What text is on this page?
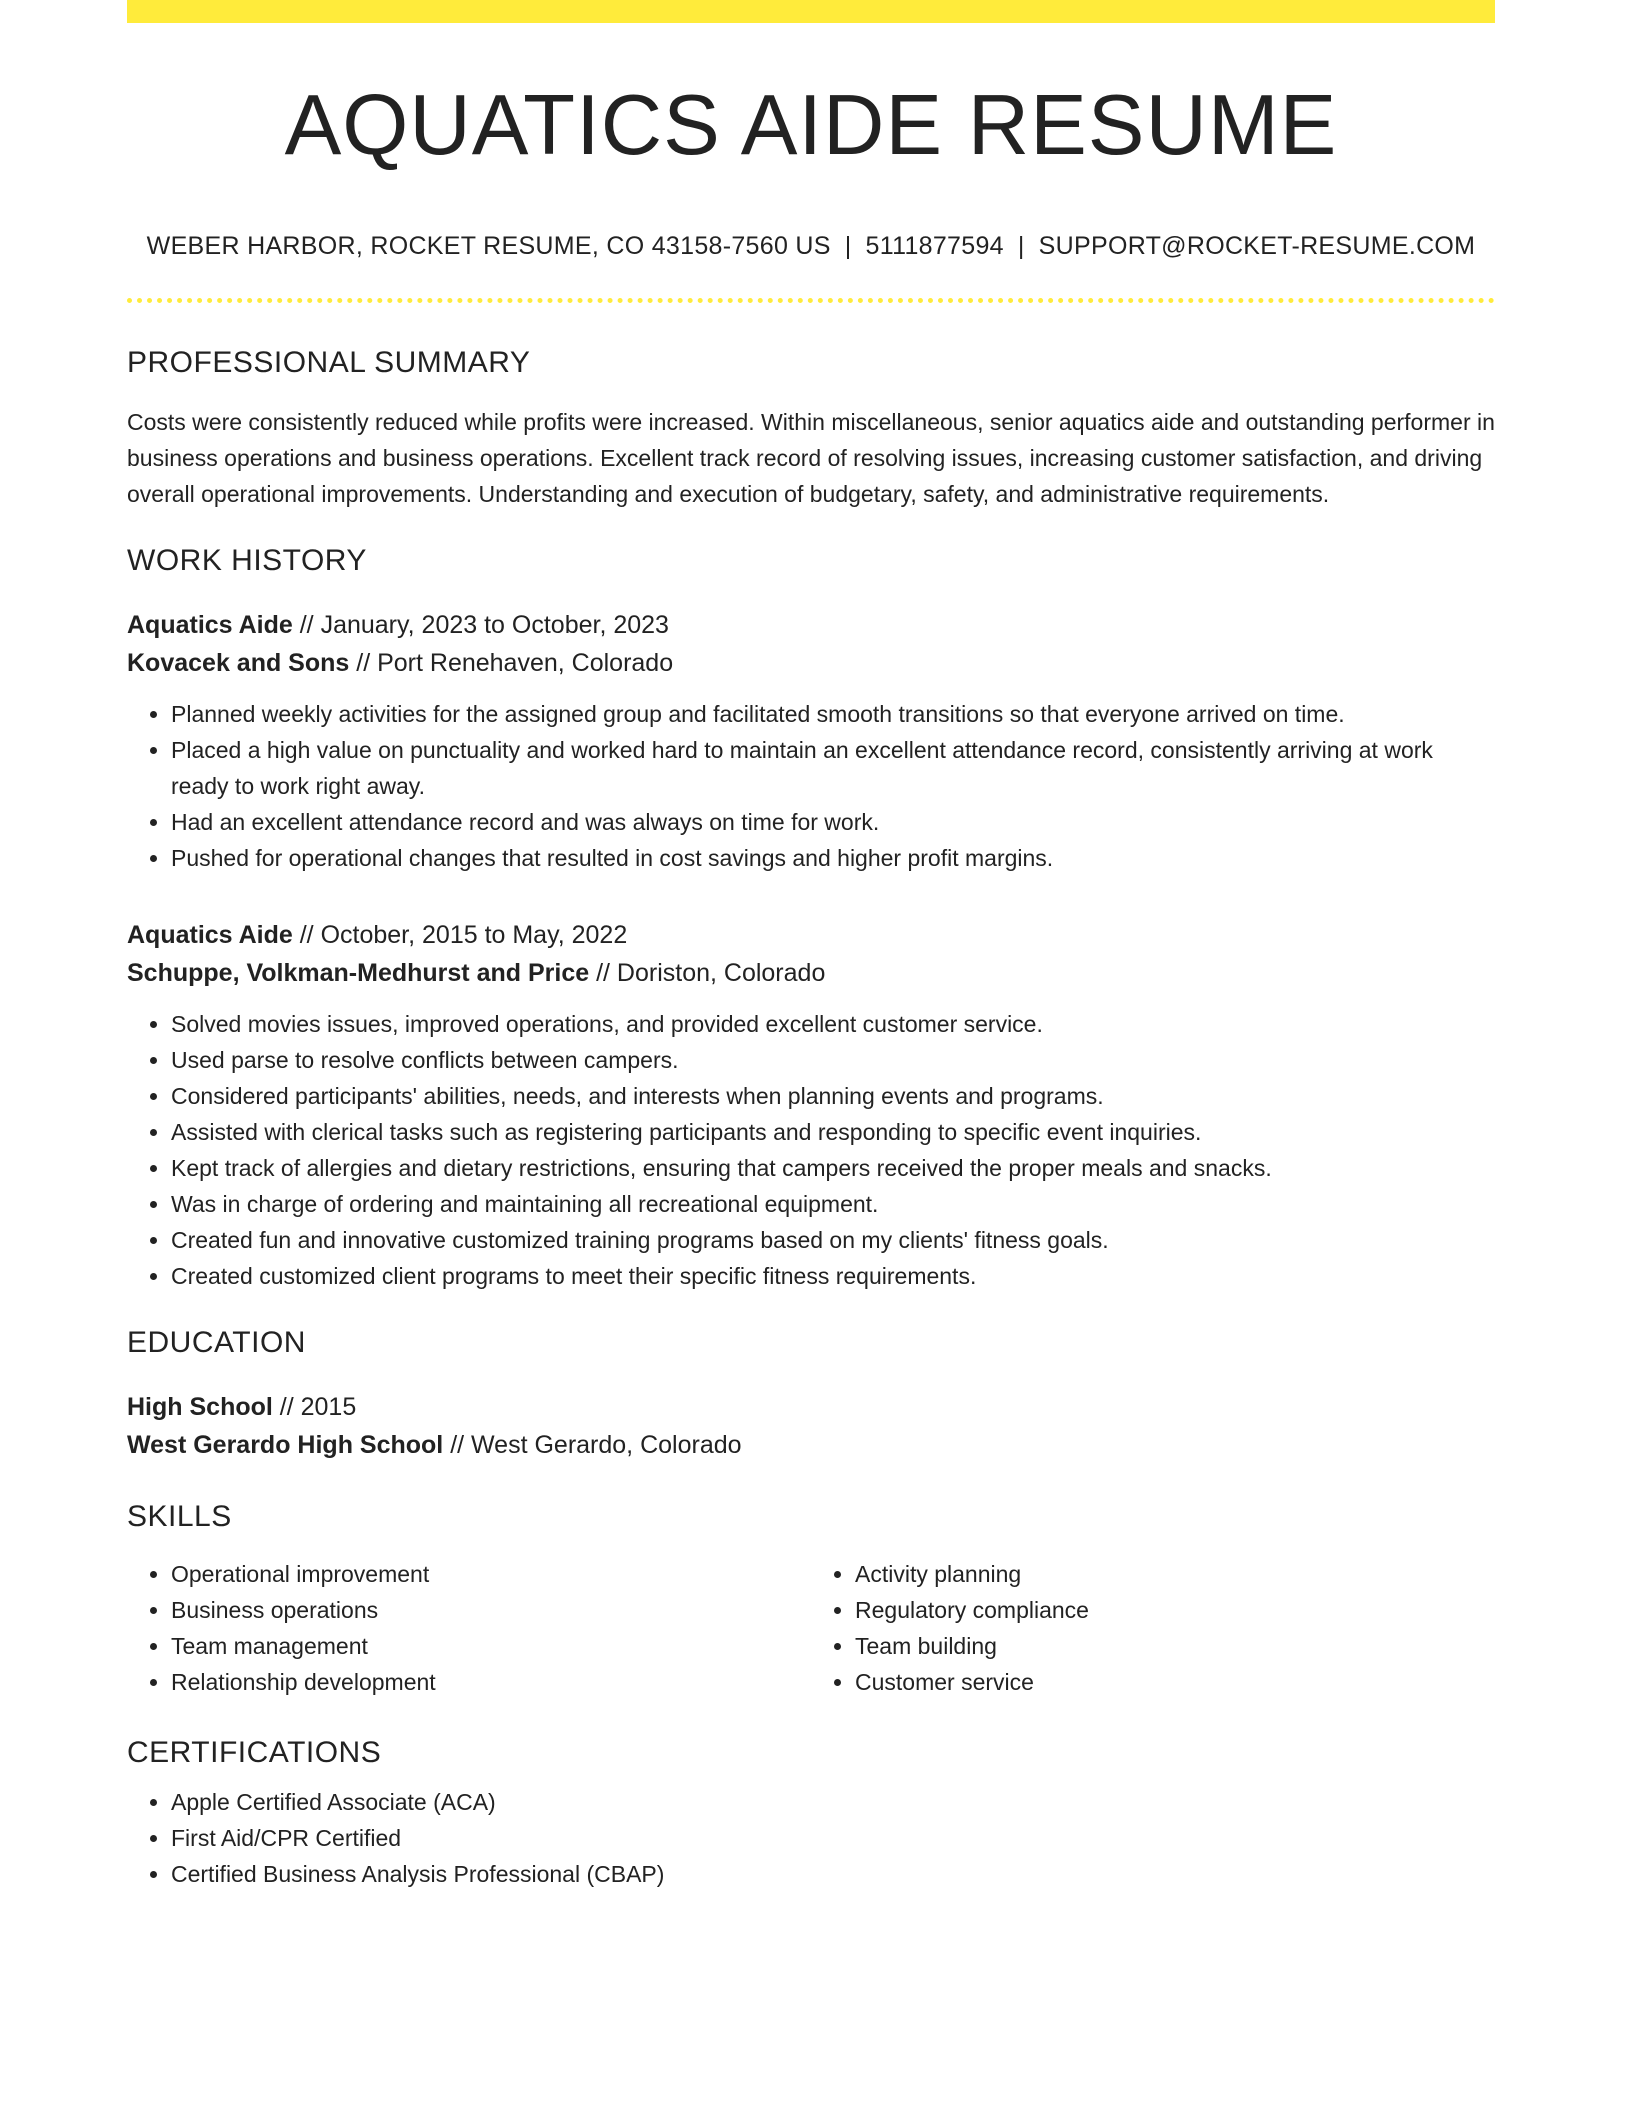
AQUATICS AIDE RESUME
WEBER HARBOR, ROCKET RESUME, CO 43158-7560 US | 5111877594 | SUPPORT@ROCKET-RESUME.COM
PROFESSIONAL SUMMARY

Costs were consistently reduced while profits were increased. Within miscellaneous, senior aquatics aide and outstanding performer in business operations and business operations. Excellent track record of resolving issues, increasing customer satisfaction, and driving overall operational improvements. Understanding and execution of budgetary, safety, and administrative requirements.

WORK HISTORY
Aquatics Aide // January, 2023 to October, 2023
Kovacek and Sons // Port Renehaven, Colorado
• Planned weekly activities for the assigned group and facilitated smooth transitions so that everyone arrived on time.
• Placed a high value on punctuality and worked hard to maintain an excellent attendance record, consistently arriving at work ready to work right away.
• Had an excellent attendance record and was always on time for work.
• Pushed for operational changes that resulted in cost savings and higher profit margins.
Aquatics Aide // October, 2015 to May, 2022
Schuppe, Volkman-Medhurst and Price // Doriston, Colorado
• Solved movies issues, improved operations, and provided excellent customer service.
• Used parse to resolve conflicts between campers.
• Considered participants' abilities, needs, and interests when planning events and programs.
• Assisted with clerical tasks such as registering participants and responding to specific event inquiries.
• Kept track of allergies and dietary restrictions, ensuring that campers received the proper meals and snacks.
• Was in charge of ordering and maintaining all recreational equipment.
• Created fun and innovative customized training programs based on my clients' fitness goals.
• Created customized client programs to meet their specific fitness requirements.
EDUCATION
High School // 2015
West Gerardo High School // West Gerardo, Colorado
SKILLS
• Operational improvement
• Business operations
• Team management
• Relationship development
• Activity planning
• Regulatory compliance
• Team building
• Customer service
CERTIFICATIONS
• Apple Certified Associate (ACA)
• First Aid/CPR Certified
• Certified Business Analysis Professional (CBAP)
